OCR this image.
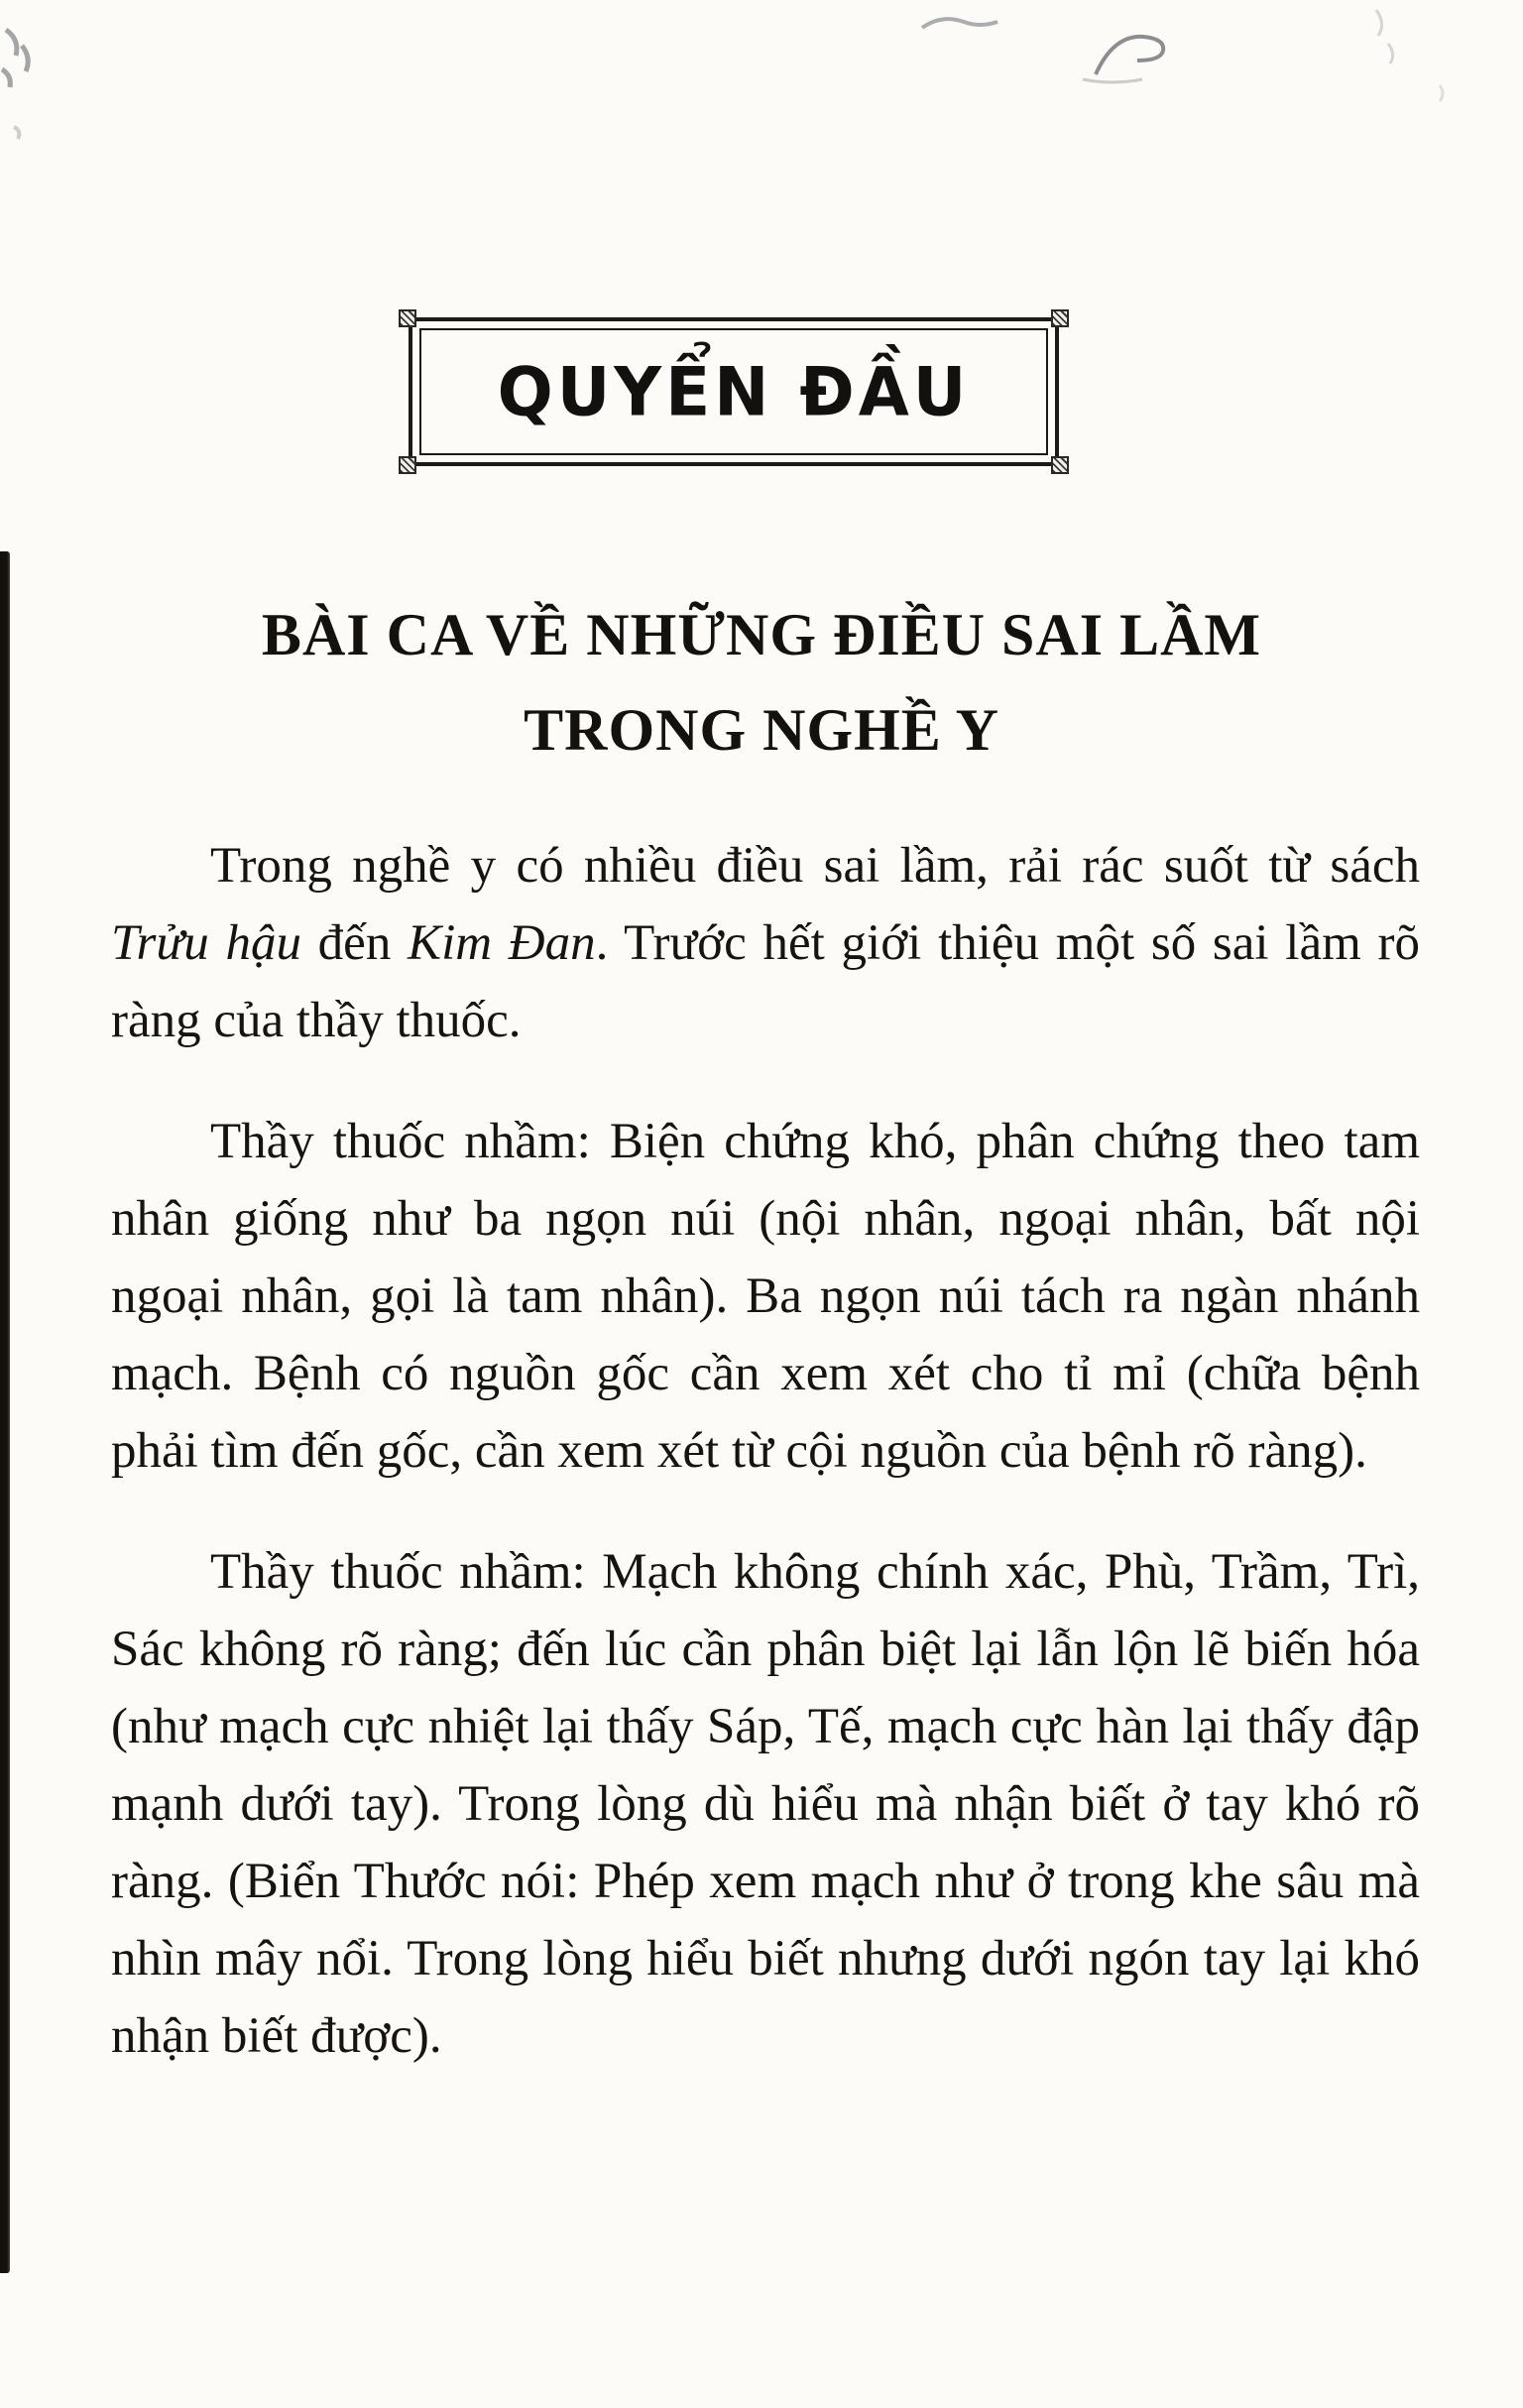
QUYỂN ĐẦU
BÀI CA VỀ NHỮNG ĐIỀU SAI LẦM
TRONG NGHỀ Y

Trong nghề y có nhiều điều sai lầm, rải rác suốt từ sách Trửu hậu đến Kim Đan. Trước hết giới thiệu một số sai lầm rõ ràng của thầy thuốc.

Thầy thuốc nhầm: Biện chứng khó, phân chứng theo tam nhân giống như ba ngọn núi (nội nhân, ngoại nhân, bất nội ngoại nhân, gọi là tam nhân). Ba ngọn núi tách ra ngàn nhánh mạch. Bệnh có nguồn gốc cần xem xét cho tỉ mỉ (chữa bệnh phải tìm đến gốc, cần xem xét từ cội nguồn của bệnh rõ ràng).

Thầy thuốc nhầm: Mạch không chính xác, Phù, Trầm, Trì, Sác không rõ ràng; đến lúc cần phân biệt lại lẫn lộn lẽ biến hóa (như mạch cực nhiệt lại thấy Sáp, Tế, mạch cực hàn lại thấy đập mạnh dưới tay). Trong lòng dù hiểu mà nhận biết ở tay khó rõ ràng. (Biển Thước nói: Phép xem mạch như ở trong khe sâu mà nhìn mây nổi. Trong lòng hiểu biết nhưng dưới ngón tay lại khó nhận biết được).
